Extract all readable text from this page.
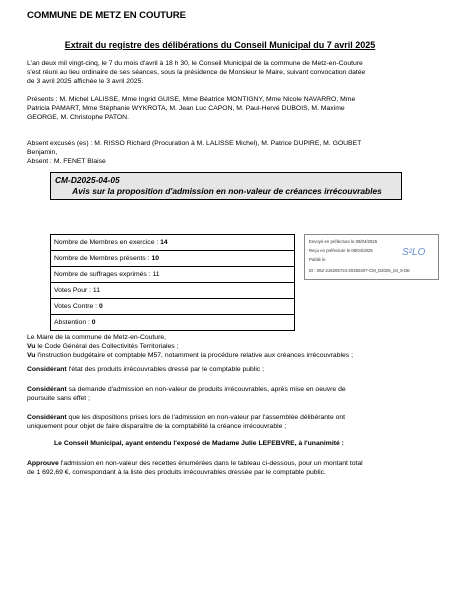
COMMUNE DE METZ EN COUTURE
Extrait du registre des délibérations du Conseil Municipal du 7 avril 2025
L'an deux mil vingt-cinq, le 7 du mois d'avril à 18 h 30, le Conseil Municipal de la commune de Metz-en-Couture
s'est réuni au lieu ordinaire de ses séances, sous la présidence de Monsieur le Maire, suivant convocation datée
de 3 avril 2025 affichée le 3 avril 2025.
Présents : M. Michel LALISSE, Mme Ingrid GUISE, Mme Béatrice MONTIGNY, Mme Nicole NAVARRO, Mme
Patricia PAMART, Mme Stéphanie WYKROTA, M. Jean Luc CAPON, M. Paul-Hervé DUBOIS, M. Maxime
GEORGE, M. Christophe PATON.
Absent excusés (es) : M. RISSO Richard (Procuration à M. LALISSE Michel), M. Patrice DUPIRE, M. GOUBET
Benjamin,
Absent : M. FENET Blaise
CM-D2025-04-05
Avis sur la proposition d'admission en non-valeur de créances irrécouvrables
Nombre de Membres en exercice : 14
Nombre de Membres présents : 10
Nombre de suffrages exprimés : 11
Votes Pour : 11
Votes Contre : 0
Abstention : 0
Envoyé en préfecture le 08/04/2025
Reçu en préfecture le 08/04/2025
Publié le
ID : 062-216205724-20250407-CM_D2025_04_5-DE
S²LO
Le Maire de la commune de Metz-en-Couture,
Vu le Code Général des Collectivités Territoriales ;
Vu l'instruction budgétaire et comptable M57, notamment la procédure relative aux créances irrécouvrables ;
Considérant l'état des produits irrécouvrables dressé par le comptable public ;
Considérant sa demande d'admission en non-valeur de produits irrécouvrables, après mise en oeuvre de
poursuite sans effet ;
Considérant que les dispositions prises lors de l'admission en non-valeur par l'assemblée délibérante ont
uniquement pour objet de faire disparaître de la comptabilité la créance irrécouvrable ;
Le Conseil Municipal, ayant entendu l'exposé de Madame Julie LEFEBVRE, à l'unanimité :
Approuve l'admission en non-valeur des recettes énumérées dans le tableau ci-dessous, pour un montant total
de 1 692,69 €, correspondant à la liste des produits irrécouvrables dressée par le comptable public.
